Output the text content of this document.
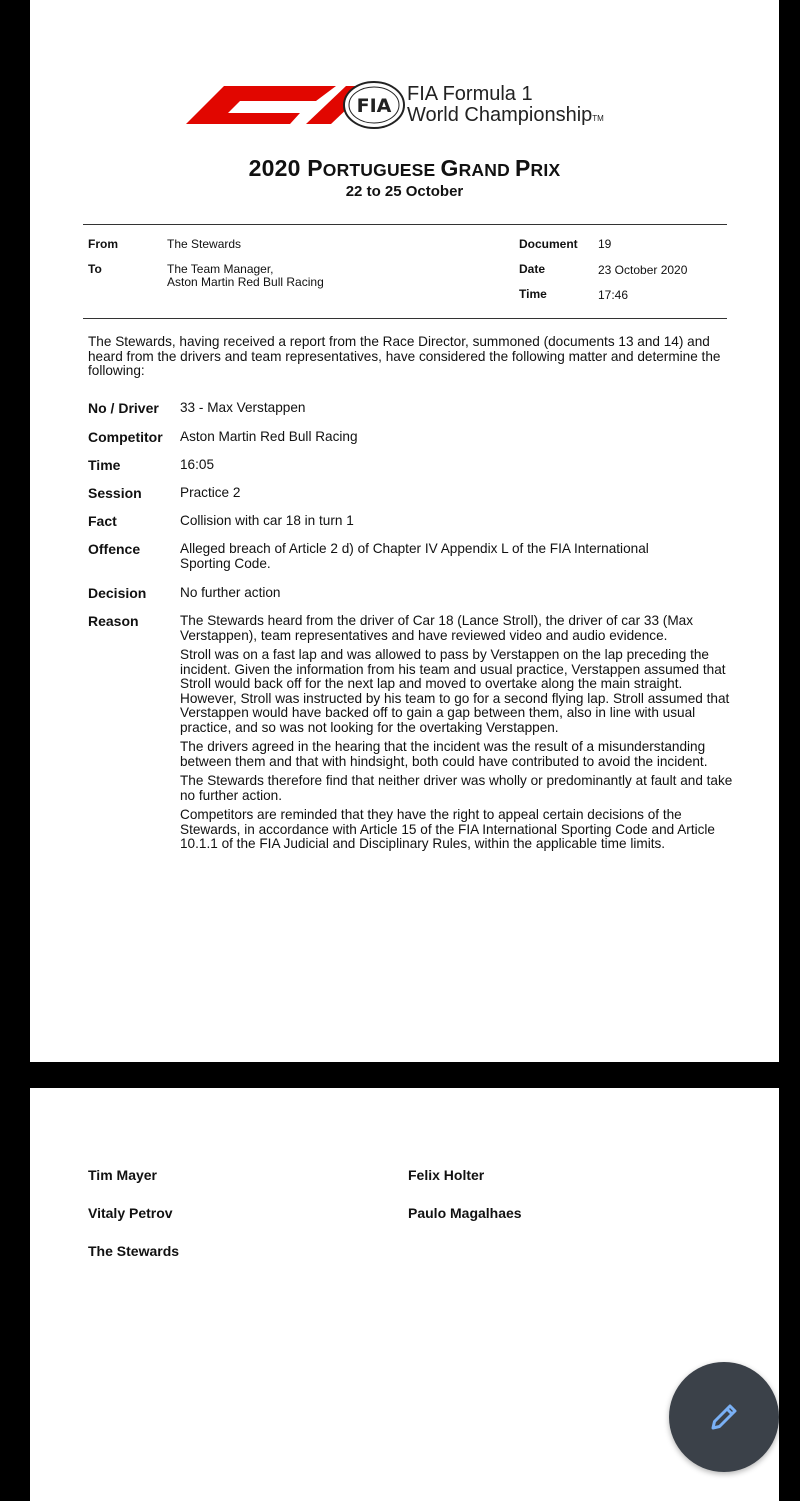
FIA
FIA Formula 1
World ChampionshipTM
2020 PORTUGUESE GRAND PRIX
22 to 25 October
From	The Stewards
To	The Team Manager,
Aston Martin Red Bull Racing
Document 19
Date	23 October 2020
Time	17:46
The Stewards, having received a report from the Race Director, summoned (documents 13 and 14) and heard from the drivers and team representatives, have considered the following matter and determine the following:
No / Driver 33 - Max Verstappen
Competitor Aston Martin Red Bull Racing
Time	16:05
Session	Practice 2
Fact	Collision with car 18 in turn 1
Offence	Alleged breach of Article 2 d) of Chapter IV Appendix L of the FIA International Sporting Code.
Decision No further action
Reason	The Stewards heard from the driver of Car 18 (Lance Stroll), the driver of car 33 (Max Verstappen), team representatives and have reviewed video and audio evidence.

Stroll was on a fast lap and was allowed to pass by Verstappen on the lap preceding the incident. Given the information from his team and usual practice, Verstappen assumed that Stroll would back off for the next lap and moved to overtake along the main straight. However, Stroll was instructed by his team to go for a second flying lap. Stroll assumed that Verstappen would have backed off to gain a gap between them, also in line with usual practice, and so was not looking for the overtaking Verstappen.

The drivers agreed in the hearing that the incident was the result of a misunderstanding between them and that with hindsight, both could have contributed to avoid the incident.

The Stewards therefore find that neither driver was wholly or predominantly at fault and take no further action.

Competitors are reminded that they have the right to appeal certain decisions of the Stewards, in accordance with Article 15 of the FIA International Sporting Code and Article 10.1.1 of the FIA Judicial and Disciplinary Rules, within the applicable time limits.

Tim Mayer	Felix Holter
Vitaly Petrov	Paulo Magalhaes
The Stewards
